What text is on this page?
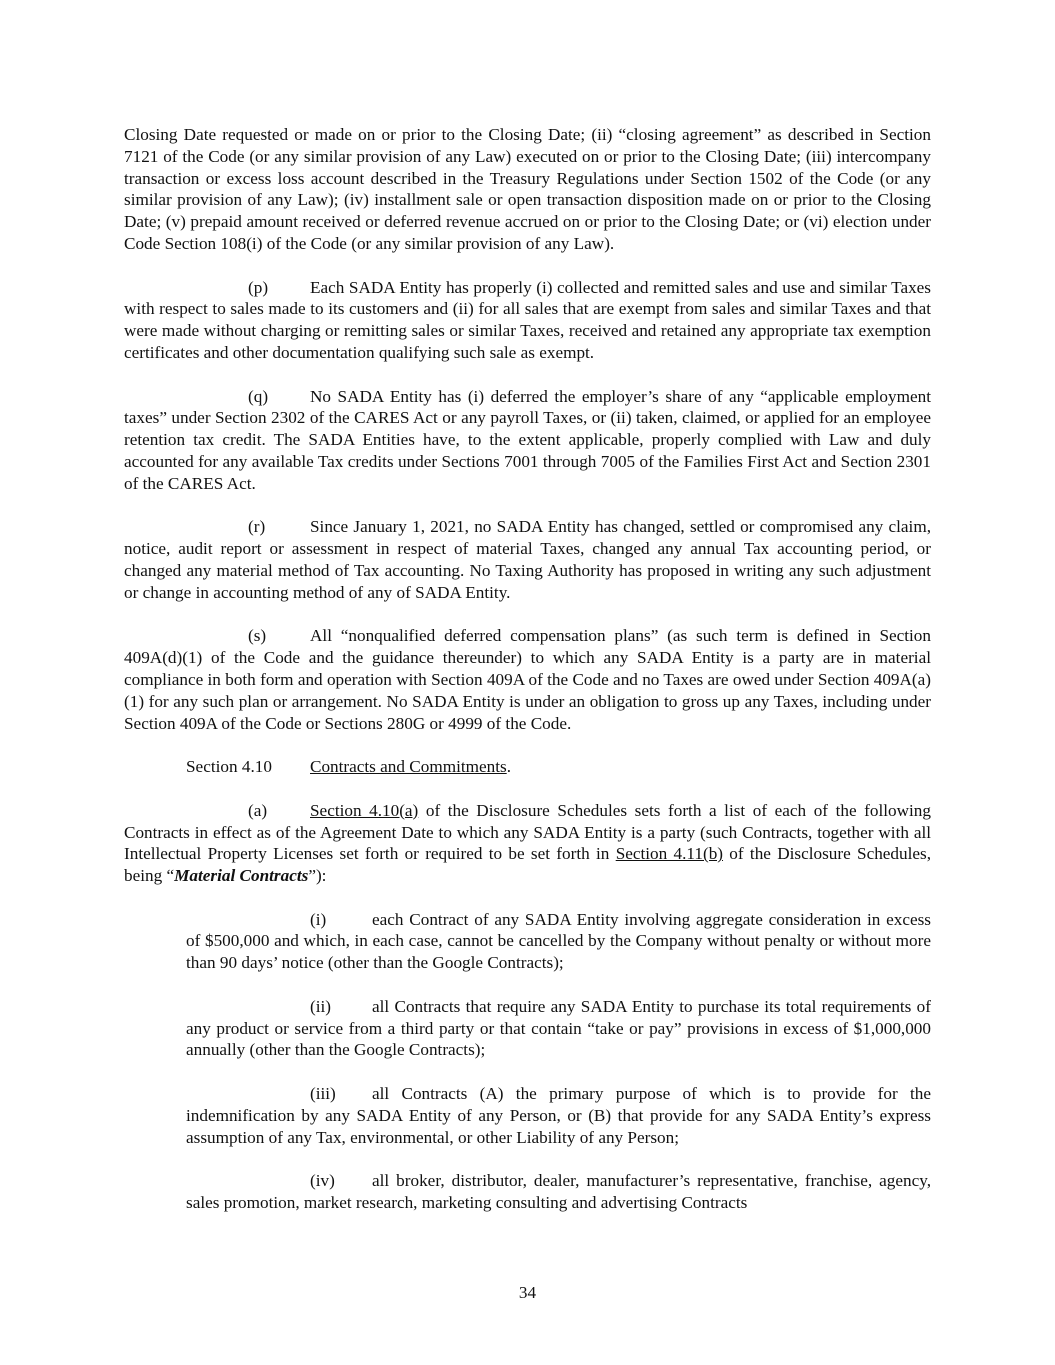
Closing Date requested or made on or prior to the Closing Date; (ii) “closing agreement” as described in Section 7121 of the Code (or any similar provision of any Law) executed on or prior to the Closing Date; (iii) intercompany transaction or excess loss account described in the Treasury Regulations under Section 1502 of the Code (or any similar provision of any Law); (iv) installment sale or open transaction disposition made on or prior to the Closing Date; (v) prepaid amount received or deferred revenue accrued on or prior to the Closing Date; or (vi) election under Code Section 108(i) of the Code (or any similar provision of any Law).

(p) Each SADA Entity has properly (i) collected and remitted sales and use and similar Taxes with respect to sales made to its customers and (ii) for all sales that are exempt from sales and similar Taxes and that were made without charging or remitting sales or similar Taxes, received and retained any appropriate tax exemption certificates and other documentation qualifying such sale as exempt.

(q) No SADA Entity has (i) deferred the employer’s share of any “applicable employment taxes” under Section 2302 of the CARES Act or any payroll Taxes, or (ii) taken, claimed, or applied for an employee retention tax credit. The SADA Entities have, to the extent applicable, properly complied with Law and duly accounted for any available Tax credits under Sections 7001 through 7005 of the Families First Act and Section 2301 of the CARES Act.

(r)	Since January 1, 2021, no SADA Entity has changed, settled or compromised any claim, notice, audit report or assessment in respect of material Taxes, changed any annual Tax accounting period, or changed any material method of Tax accounting. No Taxing Authority has proposed in writing any such adjustment or change in accounting method of any of SADA Entity.

(s)	All “nonqualified deferred compensation plans” (as such term is defined in Section 409A(d)(1) of the Code and the guidance thereunder) to which any SADA Entity is a party are in material compliance in both form and operation with Section 409A of the Code and no Taxes are owed under Section 409A(a)(1) for any such plan or arrangement. No SADA Entity is under an obligation to gross up any Taxes, including under Section 409A of the Code or Sections 280G or 4999 of the Code.

Section 4.10 Contracts and Commitments.

(a) Section 4.10(a) of the Disclosure Schedules sets forth a list of each of the following Contracts in effect as of the Agreement Date to which any SADA Entity is a party (such Contracts, together with all Intellectual Property Licenses set forth or required to be set forth in Section 4.11(b) of the Disclosure Schedules, being “Material Contracts”):

(i)	each Contract of any SADA Entity involving aggregate consideration in excess of $500,000 and which, in each case, cannot be cancelled by the Company without penalty or without more than 90 days’ notice (other than the Google Contracts);

(ii) all Contracts that require any SADA Entity to purchase its total requirements of any product or service from a third party or that contain “take or pay” provisions in excess of $1,000,000 annually (other than the Google Contracts);

(iii) all Contracts (A) the primary purpose of which is to provide for the indemnification by any SADA Entity of any Person, or (B) that provide for any SADA Entity’s express assumption of any Tax, environmental, or other Liability of any Person;

(iv) all broker, distributor, dealer, manufacturer’s representative, franchise, agency, sales promotion, market research, marketing consulting and advertising Contracts

34
